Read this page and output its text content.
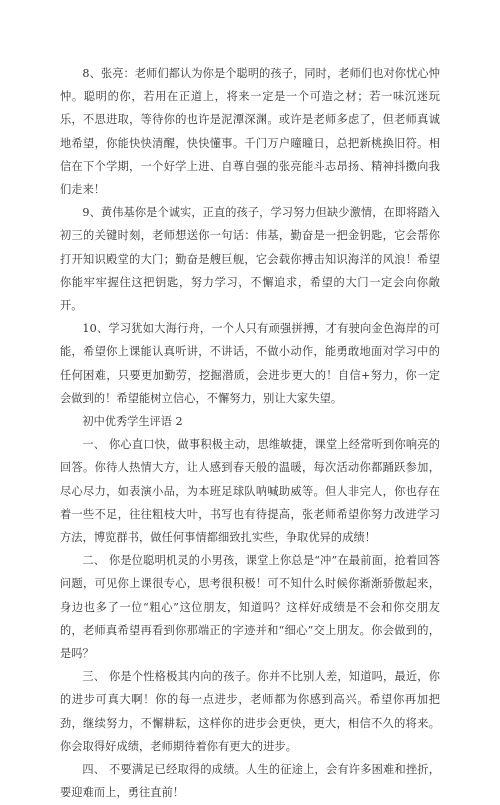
8、张亮：老师们都认为你是个聪明的孩子，同时，老师们也对你忧心忡忡。聪明的你，若用在正道上，将来一定是一个可造之材；若一味沉迷玩乐，不思进取，等待你的也许是泥潭深渊。或许是老师多虑了，但老师真诚地希望，你能快快清醒，快快懂事。千门万户曈曈日，总把新桃换旧符。相信在下个学期，一个好学上进、自尊自强的张亮能斗志昂扬、精神抖擞向我们走来！

9、黄伟基你是个诚实，正直的孩子，学习努力但缺少激情，在即将踏入初三的关键时刻，老师想送你一句话：伟基，勤奋是一把金钥匙，它会帮你打开知识殿堂的大门；勤奋是艘巨舰，它会载你搏击知识海洋的风浪！希望你能牢牢握住这把钥匙，努力学习，不懈追求，希望的大门一定会向你敞开。

10、学习犹如大海行舟，一个人只有顽强拼搏，才有驶向金色海岸的可能，希望你上课能认真听讲，不讲话，不做小动作，能勇敢地面对学习中的任何困难，只要更加勤劳，挖掘潜质，会进步更大的！自信+努力，你一定会做到的！希望能树立信心，不懈努力，别让大家失望。

初中优秀学生评语 2

一、 你心直口快，做事积极主动，思维敏捷，课堂上经常听到你响亮的回答。你待人热情大方，让人感到春天般的温暖，每次活动你都踊跃参加，尽心尽力，如表演小品，为本班足球队呐喊助威等。但人非完人，你也存在着一些不足，往往粗枝大叶，书写也有待提高，张老师希望你努力改进学习方法，博览群书，做任何事情都细致扎实些，争取优异的成绩！

二、 你是位聪明机灵的小男孩，课堂上你总是“冲”在最前面，抢着回答问题，可见你上课很专心，思考很积极！可不知什么时候你渐渐骄傲起来，身边也多了一位“粗心”这位朋友，知道吗？这样好成绩是不会和你交朋友的，老师真希望再看到你那端正的字迹并和“细心”交上朋友。你会做到的，是吗？

三、 你是个性格极其内向的孩子。你并不比别人差，知道吗，最近，你的进步可真大啊！你的每一点进步，老师都为你感到高兴。希望你再加把劲，继续努力，不懈耕耘，这样你的进步会更快，更大，相信不久的将来。你会取得好成绩，老师期待着你有更大的进步。

四、 不要满足已经取得的成绩。人生的征途上，会有许多困难和挫折，要迎难而上，勇往直前！
